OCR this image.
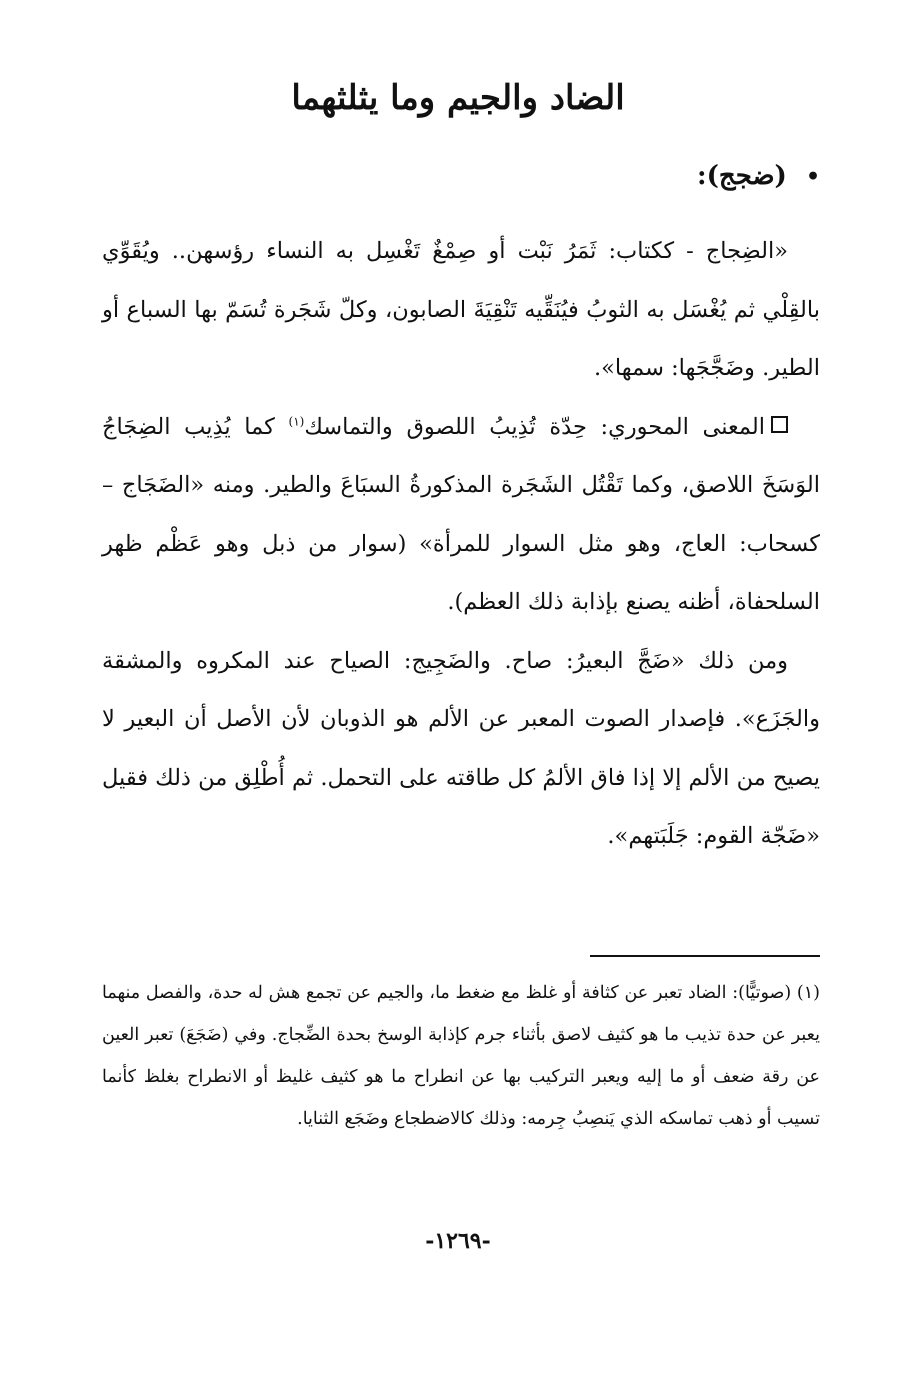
الضاد والجيم وما يثلثهما
• (ضجج):

«الضِجاج - ككتاب: ثَمَرُ نَبْت أو صِمْغٌ تَغْسِل به النساء رؤسهن.. ويُقَوِّي بالقِلْي ثم يُغْسَل به الثوبُ فيُنَقِّيه تَنْقِيَةَ الصابون، وكلّ شَجَرة تُسَمّ بها السباع أو الطير. وضَجَّجَها: سمها».

المعنى المحوري: حِدّة تُذِيبُ اللصوق والتماسك$^{(١)}$ كما يُذِيب الضِجَاجُ الوَسَخَ اللاصق، وكما تَقْتُل الشَجَرة المذكورةُ السبَاعَ والطير. ومنه «الضَجَاج – كسحاب: العاج، وهو مثل السوار للمرأة» (سوار من ذبل وهو عَظْم ظهر السلحفاة، أظنه يصنع بإذابة ذلك العظم).

ومن ذلك «ضَجَّ البعيرُ: صاح. والضَجِيج: الصياح عند المكروه والمشقة والجَزَع». فإصدار الصوت المعبر عن الألم هو الذوبان لأن الأصل أن البعير لا يصيح من الألم إلا إذا فاق الألمُ كل طاقته على التحمل. ثم أُطْلِق من ذلك فقيل «ضَجّة القوم: جَلَبَتهم».

(١) (صوتيًّا): الضاد تعبر عن كثافة أو غلظ مع ضغط ما، والجيم عن تجمع هش له حدة، والفصل منهما يعبر عن حدة تذيب ما هو كثيف لاصق بأثناء جرم كإذابة الوسخ بحدة الضِّجاج. وفي (ضَجَعَ) تعبر العين عن رقة ضعف أو ما إليه ويعبر التركيب بها عن انطراح ما هو كثيف غليظ أو الانطراح بغلظ كأنما تسيب أو ذهب تماسكه الذي يَنصِبُ جِرمه: وذلك كالاضطجاع وضَجَع الثنايا.

-١٢٦٩-
